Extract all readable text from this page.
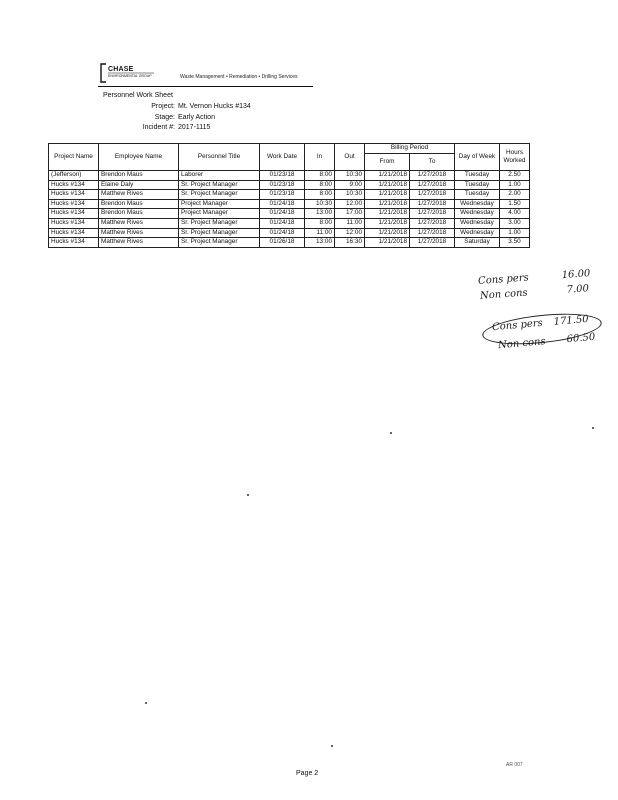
CHASE
ENVIRONMENTAL GROUP	Waste Management • Remediation • Drilling Services
Personnel Work Sheet
Project: Mt. Vernon Hucks #134
Stage: Early Action
Incident #: 2017-1115
Project Name	Employee Name	Personnel Title	Work Date	In	Out	Billing Period		Day of Week	Hours Worked
						From	To		
(Jefferson)	Brendon Maus	Laborer	01/23/18	8:00	10:30	1/21/2018	1/27/2018	Tuesday	2.50
Hucks #134	Elaine Daly	Sr. Project Manager	01/23/18	8:00	9:00	1/21/2018	1/27/2018	Tuesday	1.00
Hucks #134	Matthew Rives	Sr. Project Manager	01/23/18	8:00	10:30	1/21/2018	1/27/2018	Tuesday	2.00
Hucks #134	Brendon Maus	Project Manager	01/24/18	10:30	12:00	1/21/2018	1/27/2018	Wednesday	1.50
Hucks #134	Brendon Maus	Project Manager	01/24/18	13:00	17:00	1/21/2018	1/27/2018	Wednesday	4.00
Hucks #134	Matthew Rives	Sr. Project Manager	01/24/18	8:00	11:00	1/21/2018	1/27/2018	Wednesday	3.00
Hucks #134	Matthew Rives	Sr. Project Manager	01/24/18	11:00	12:00	1/21/2018	1/27/2018	Wednesday	1.00
Hucks #134	Matthew Rives	Sr. Project Manager	01/26/18	13:00	16:30	1/21/2018	1/27/2018	Saturday	3.50
Cons pers	16.00
Non cons	7.00
Cons pers 171.50
Non cons 60.50
Page 2
AR 007
